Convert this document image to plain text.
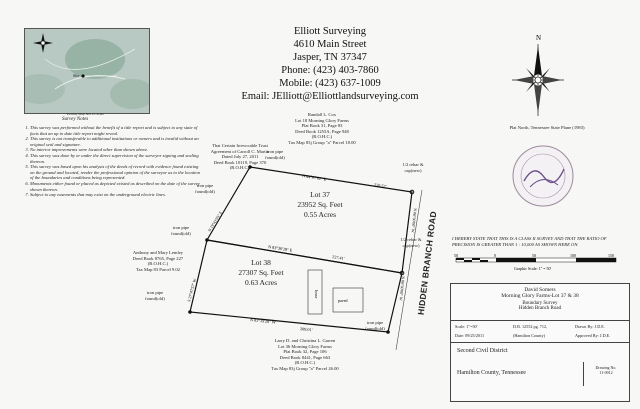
Site
Vicinity Map Not To Scale
Survey Notes
1. This survey was performed without the benefit of a title report and is subject to any state of facts that an up to date title report might reveal.
2. This survey is not transferable to additional institutions or owners and is invalid without an original seal and signature.
3. No interior improvements were located other than shown above.
4. This survey was done by or under the direct supervision of the surveyor signing and sealing thereon.
5. This survey was based upon his analysis of the deeds of record with evidence found existing on the ground and located, render the professional opinion of the surveyor as to the location of the boundaries and conditions being represented.
6. Monuments either found or placed as depicted existed as described on the date of the survey shown thereon.
7. Subject to any easements that may exist on the underground electric lines.
Elliott Surveying
4610 Main Street
Jasper, TN 37347
Phone: (423) 403-7860
Mobile: (423) 637-1009
Email: JElliott@Elliottlandsurveying.com
N
Plat North, Tennessee State Plane (1983)
I HEREBY STATE THAT THIS IS A CLASS II SURVEY AND THAT THE RATIO OF PRECISION IS GREATER THAN 1 : 10,000 AS SHOWN HERE ON.
50	0	50	100	150
Graphic Scale: 1" = 50'
house
paved
N 84°07'02" E
226.57'
N 83°30'29" E
227.41'
N 83°39'28" W
289.01'
N 06°30'00" W
N 06°30'00" W
N 19°41'05" E
S 27°47'57" W
Lot 37
23952 Sq. Feet
0.55 Acres
Lot 38
27307 Sq. Feet
0.63 Acres	HIDDEN BRANCH ROAD
Randall L. Cox
Lot 18 Morning Glory Farms
Plat Book 31, Page 83
Deed Book 1255A, Page 948
(R.O.H.C.)
Tax Map 83j Group "a" Parcel 18.00
That Certain Irrevocable Trust
Agreement of Carroll C. Martin
Dated July 27, 2011
Deed Book 10119, Page 370
(R.O.H.C.)
Anthony and Mary Lemley
Deed Book 8765, Page 227
(R.O.H.C.)
Tax Map 83 Parcel 9.02
Larry D. and Christina L. Garren
Lot 36 Morning Glory Farms
Plat Book 32, Page 106
Deed Book 8441, Page 663
(R.O.H.C.)
Tax Map 83j Group "a" Parcel 26.00
iron pipe found(old)
iron pipe found(old)
iron pipe found(old)
iron pipe found(old)
iron pipe found(old)
1/2 rebar & cap(new)
1/2 rebar & cap(new)
David Somers
Morning Glory Farms-Lot 37 & 38
Boundary Survey
Hidden Branch Road
Scale: 1"=50'
Date: 09/25/2011
D.B. 12552 pg. 712,
(Hamilton County)
Drawn By: J.D.E.
Approved By: J.D.E.
Second Civil District
Hamilton County, Tennessee
Drawing No.
11-0012
